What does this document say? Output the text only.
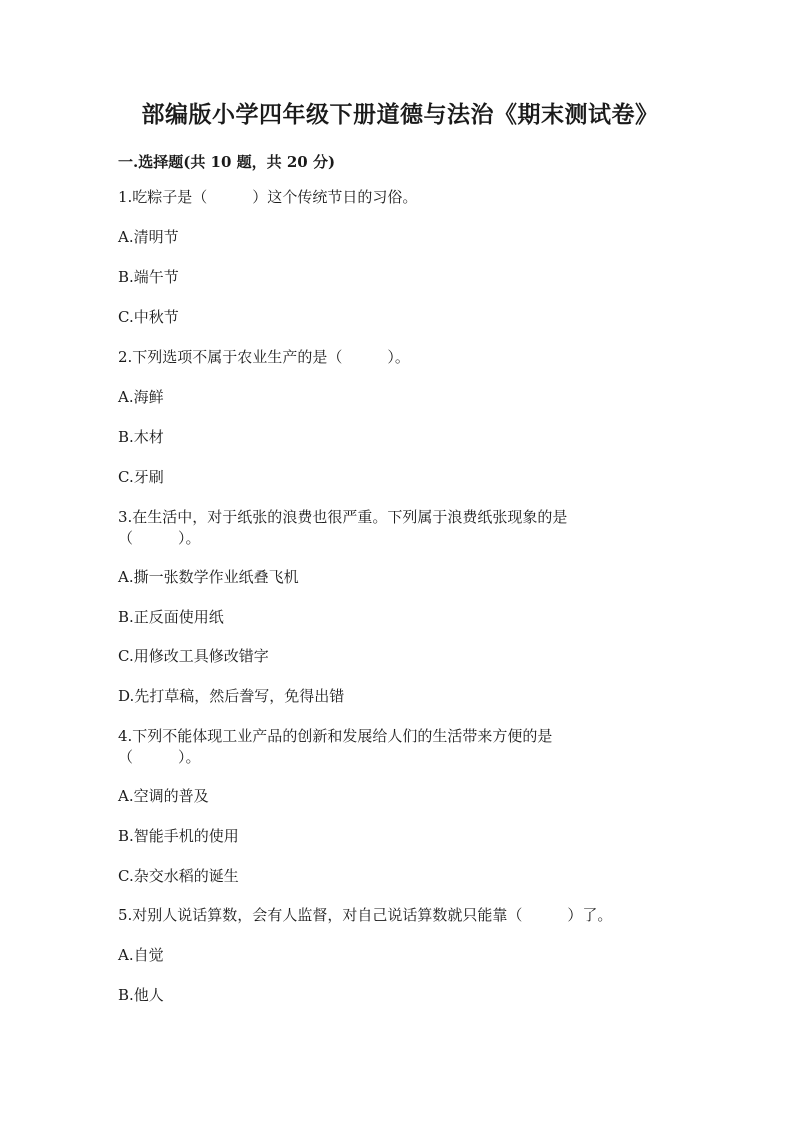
部编版小学四年级下册道德与法治《期末测试卷》
一.选择题(共 10 题，共 20 分)
1.吃粽子是（　　　）这个传统节日的习俗。
A.清明节
B.端午节
C.中秋节
2.下列选项不属于农业生产的是（　　　）。
A.海鲜
B.木材
C.牙刷
3.在生活中，对于纸张的浪费也很严重。下列属于浪费纸张现象的是
（　　　）。
A.撕一张数学作业纸叠飞机
B.正反面使用纸
C.用修改工具修改错字
D.先打草稿，然后誊写，免得出错
4.下列不能体现工业产品的创新和发展给人们的生活带来方便的是
（　　　）。
A.空调的普及
B.智能手机的使用
C.杂交水稻的诞生
5.对别人说话算数，会有人监督，对自己说话算数就只能靠（　　　）了。
A.自觉
B.他人
